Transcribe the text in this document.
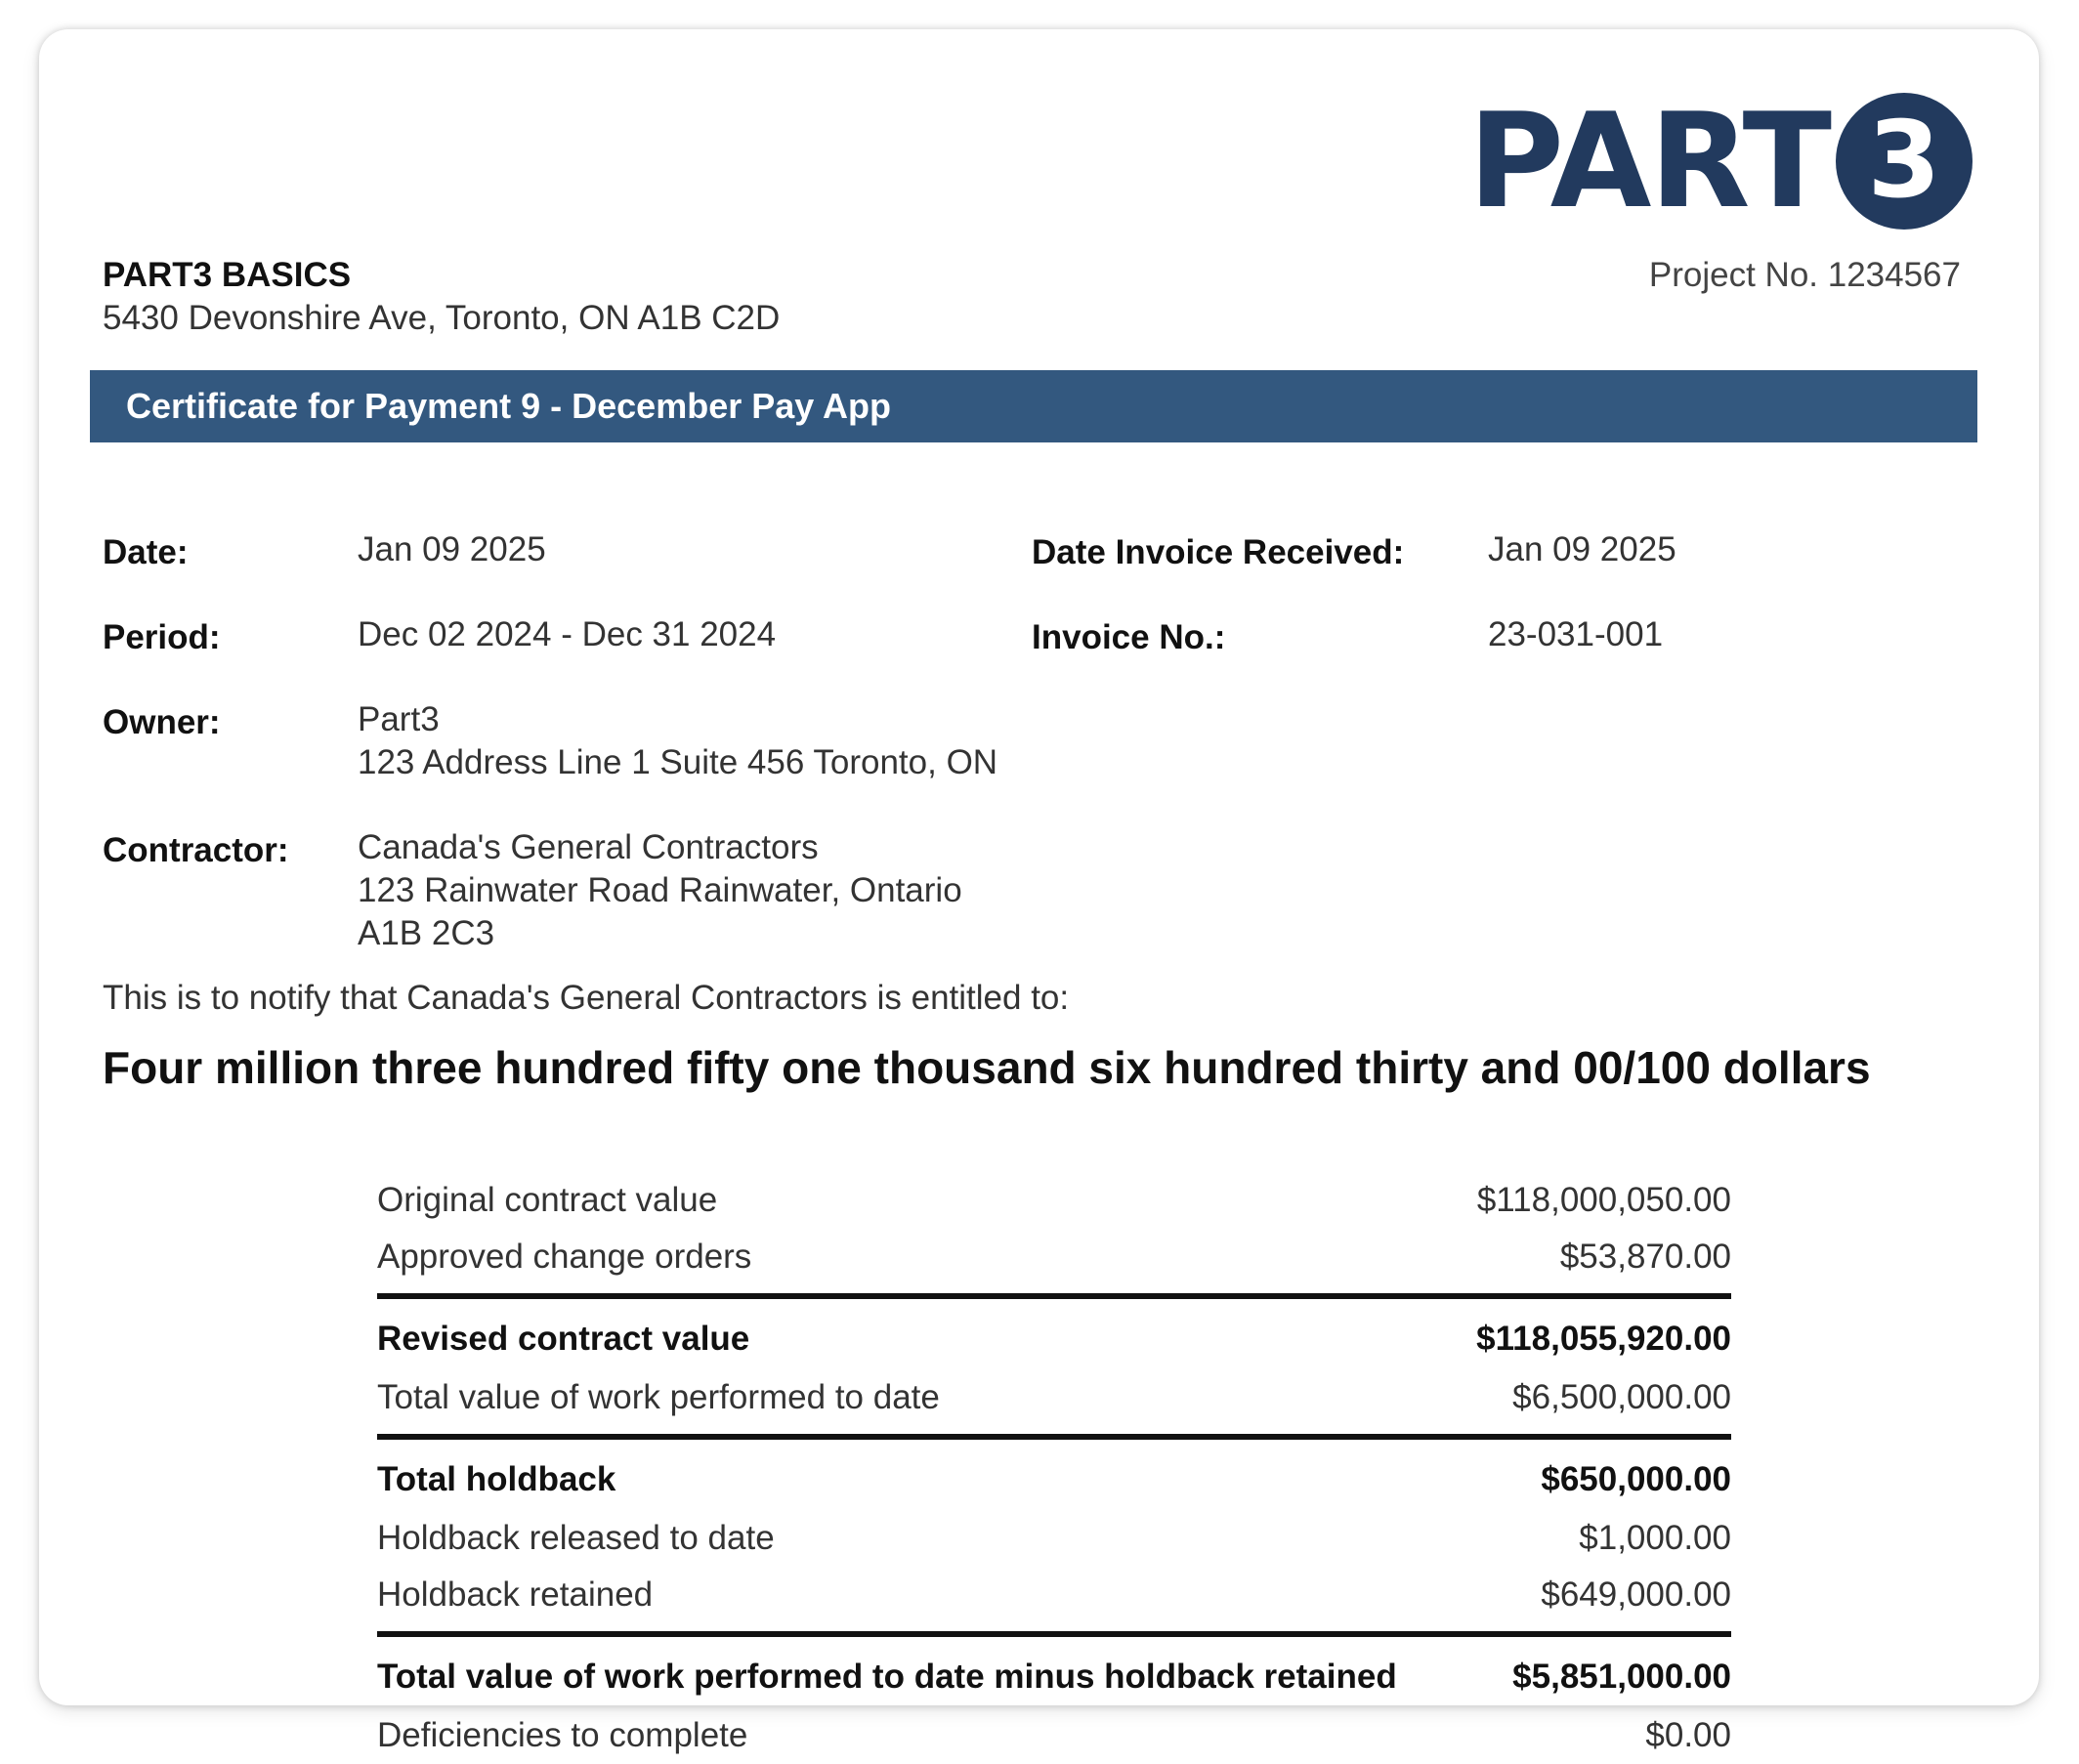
PART 3
PART3 BASICS
5430 Devonshire Ave, Toronto, ON A1B C2D
Project No. 1234567
Certificate for Payment 9 - December Pay App
Date:	Jan 09 2025
Period:	Dec 02 2024 - Dec 31 2024
Owner:	Part3
123 Address Line 1 Suite 456 Toronto, ON
Contractor: Canada's General Contractors
123 Rainwater Road Rainwater, Ontario
A1B 2C3
Date Invoice Received: Jan 09 2025
Invoice No.:	23-031-001
This is to notify that Canada's General Contractors is entitled to:
Four million three hundred fifty one thousand six hundred thirty and 00/100 dollars
Original contract value	$118,000,050.00
Approved change orders	$53,870.00
Revised contract value	$118,055,920.00
Total value of work performed to date	$6,500,000.00
Total holdback	$650,000.00
Holdback released to date	$1,000.00
Holdback retained	$649,000.00
Total value of work performed to date minus holdback retained	$5,851,000.00
Deficiencies to complete	$0.00
